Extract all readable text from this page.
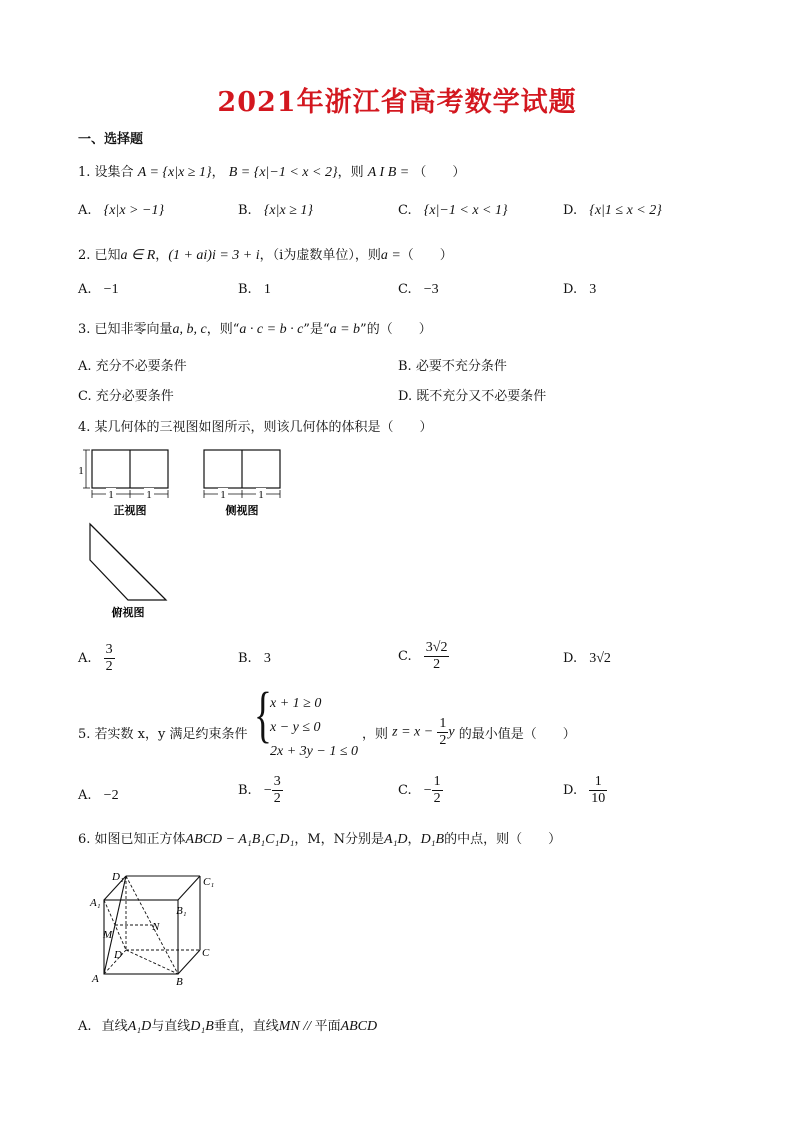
2021年浙江省高考数学试题
一、选择题
1. 设集合 A = {x|x ≥ 1}， B = {x|−1 < x < 2}，则 A I B = （　　）
A. {x|x > −1}	B. {x|x ≥ 1}	C. {x|−1 < x < 1}	D. {x|1 ≤ x < 2}
2. 已知a ∈ R，(1 + ai)i = 3 + i，（i为虚数单位），则a =（　　）
A. −1	B. 1	C. −3	D. 3
3. 已知非零向量a, b, c，则“a · c = b · c”是“a = b”的（　　）
A. 充分不必要条件	B. 必要不充分条件
C. 充分必要条件	D. 既不充分又不必要条件
4. 某几何体的三视图如图所示，则该几何体的体积是（　　）
1
1	1
正视图
1	1
侧视图
俯视图
A. $\frac{3}{2}$	B. 3	C. $\frac{3√2}{2}$	D. 3√2
5. 若实数 x，y 满足约束条件 {
x + 1 ≥ 0
x − y ≤ 0
2x + 3y − 1 ≤ 0
，则 $z = x - \frac{1}{2}$ y 的最小值是（　　）
A. −2	B. − $\frac{3}{2}$	C. − $\frac{1}{2}$	D. $\frac{1}{10}$
6. 如图已知正方体ABCD − A₁B₁C₁D₁，M，N分别是A₁D，D₁B的中点，则（　　）
D₁	C₁
A₁
B₁
M
N
D	C
A	B
A. 直线A₁D与直线D₁B垂直，直线MN // 平面ABCD
